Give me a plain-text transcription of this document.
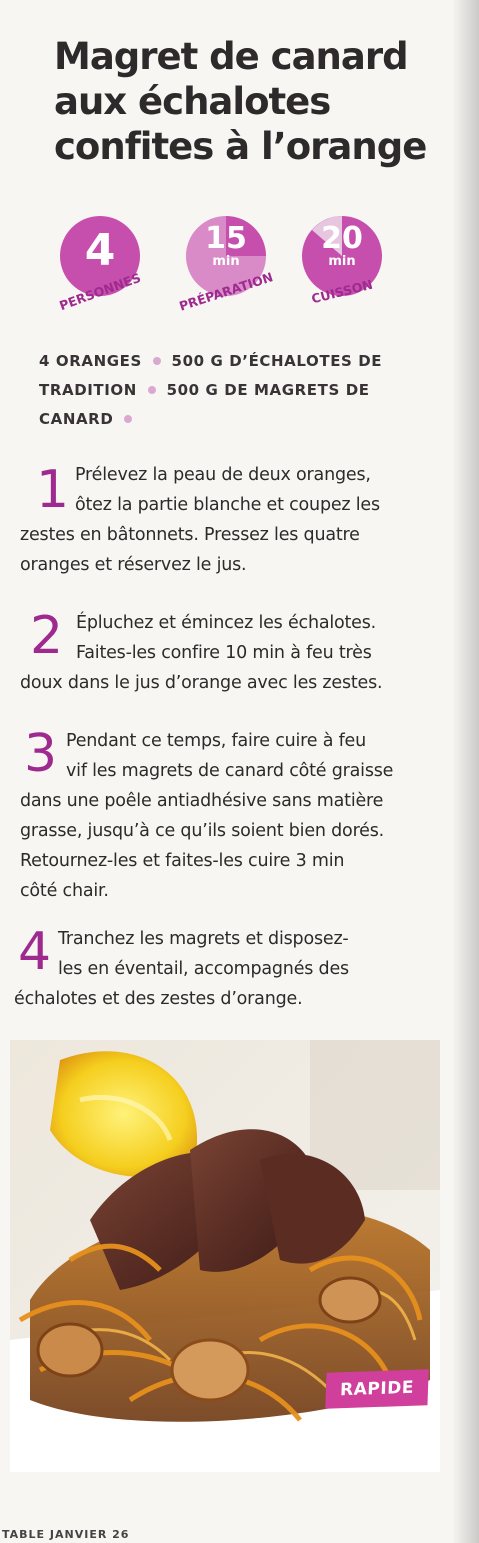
Magret de canard
aux échalotes
confites à l’orange
4
PERSONNES
15
min
PRÉPARATION
20
min
CUISSON
4 ORANGES 500 G D’ÉCHALOTES DE
TRADITION 500 G DE MAGRETS DE
CANARD
1 Prélevez la peau de deux oranges,
ôtez la partie blanche et coupez les
zestes en bâtonnets. Pressez les quatre
oranges et réservez le jus.
2 Épluchez et émincez les échalotes.
Faites-les confire 10 min à feu très
doux dans le jus d’orange avec les zestes.
3 Pendant ce temps, faire cuire à feu
vif les magrets de canard côté graisse
dans une poêle antiadhésive sans matière
grasse, jusqu’à ce qu’ils soient bien dorés.
Retournez-les et faites-les cuire 3 min
côté chair.
4 Tranchez les magrets et disposez-
les en éventail, accompagnés des
échalotes et des zestes d’orange.
RAPIDE
TABLE JANVIER 26
